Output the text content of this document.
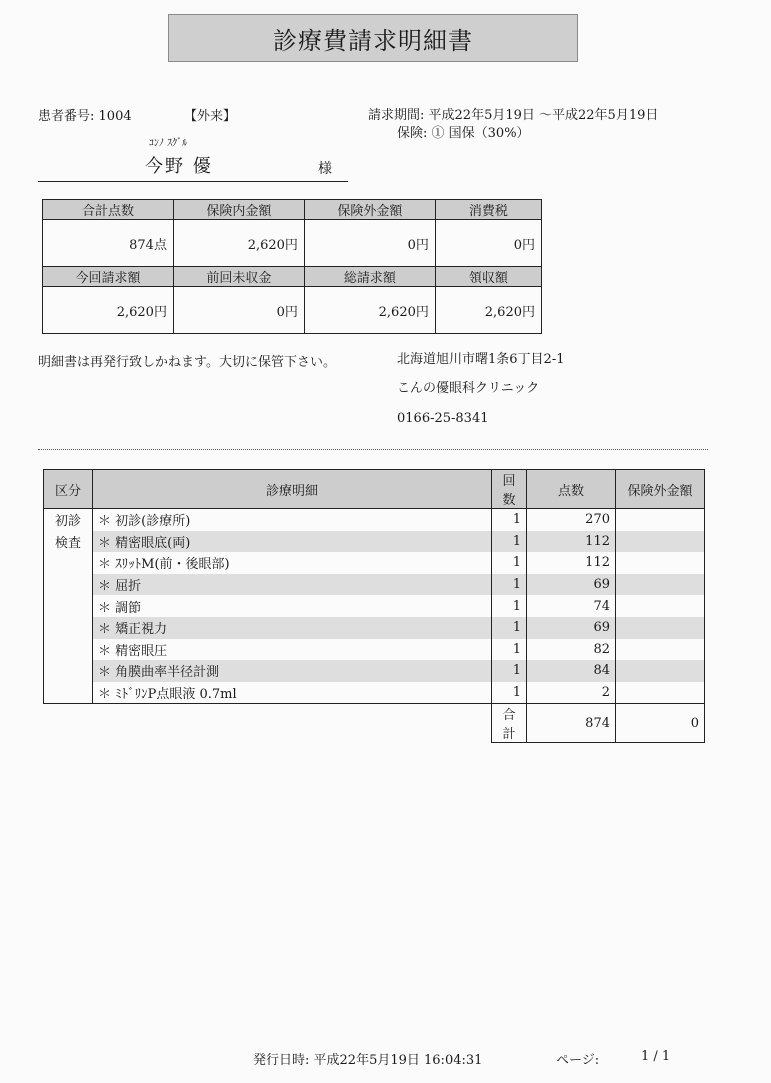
診療費請求明細書
患者番号: 1004	【外来】	請求期間: 平成22年5月19日 〜平成22年5月19日
保険: ① 国保（30%）
ｺﾝﾉ ｽｸﾞﾙ
今野 優	様
合計点数	保険内金額	保険外金額	消費税
874点	2,620円	0円	0円
今回請求額	前回未収金	総請求額	領収額
2,620円	0円	2,620円	2,620円
明細書は再発行致しかねます。大切に保管下さい。	北海道旭川市曙1条6丁目2-1
こんの優眼科クリニック
0166-25-8341
区分	診療明細	回数	点数	保険外金額
初診	＊ 初診(診療所)	1	270	
検査	＊ 精密眼底(両)	1	112	
	＊ ｽﾘｯﾄM(前・後眼部)	1	112	
	＊ 屈折	1	69	
	＊ 調節	1	74	
	＊ 矯正視力	1	69	
	＊ 精密眼圧	1	82	
	＊ 角膜曲率半径計測	1	84	
	＊ ﾐﾄﾞﾘﾝP点眼液 0.7ml	1	2	
		合計	874	0
発行日時: 平成22年5月19日 16:04:31	ページ:	1 / 1
